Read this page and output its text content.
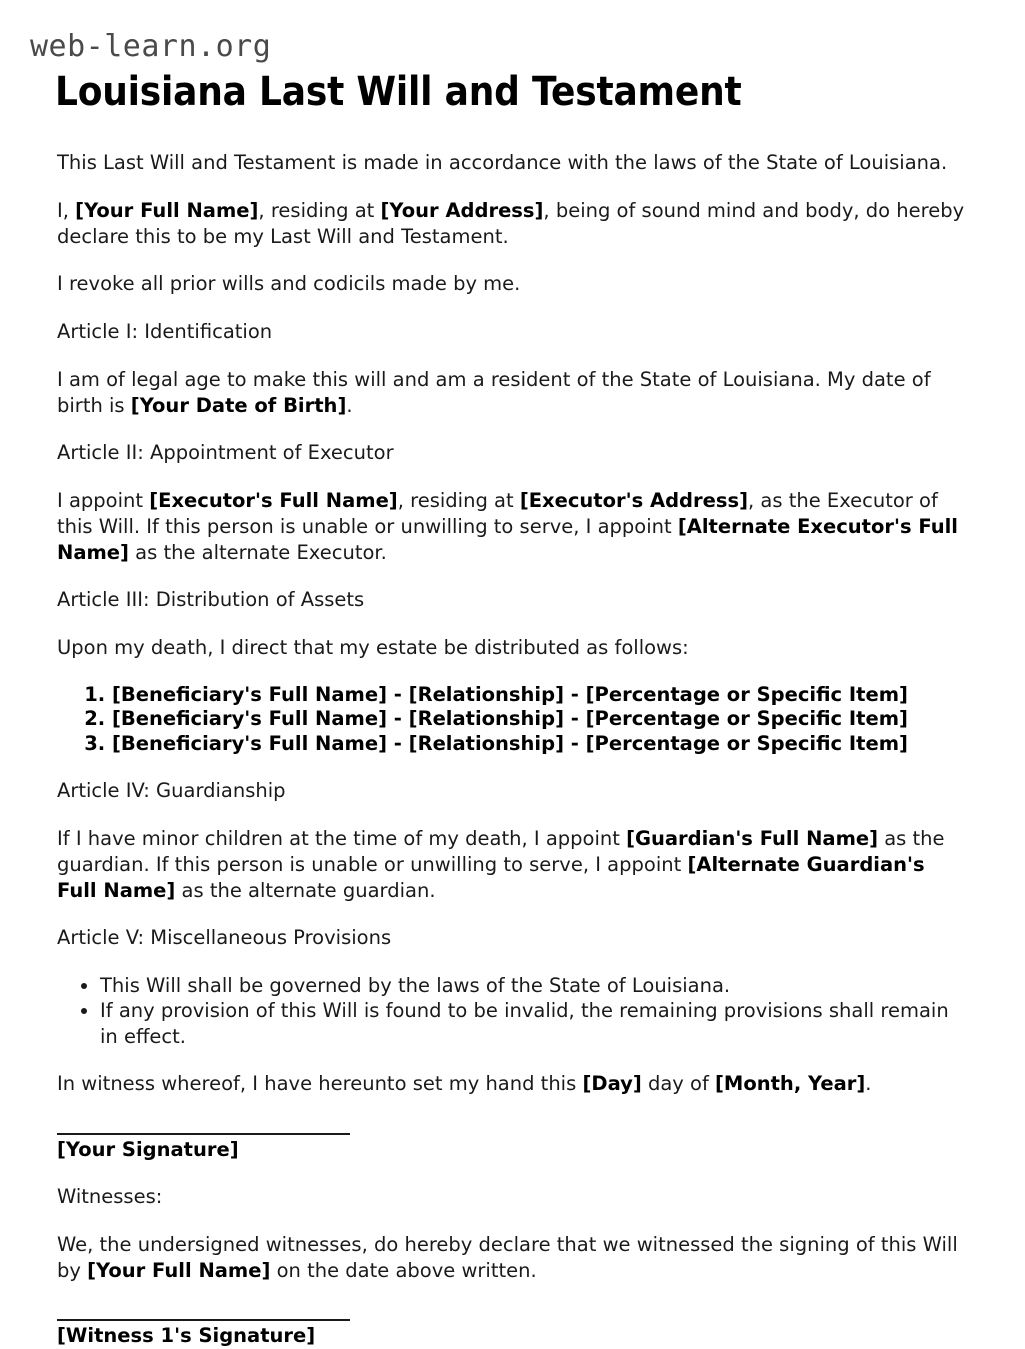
web-learn.org
Louisiana Last Will and Testament

This Last Will and Testament is made in accordance with the laws of the State of Louisiana.

I, [Your Full Name], residing at [Your Address], being of sound mind and body, do hereby declare this to be my Last Will and Testament.

I revoke all prior wills and codicils made by me.

Article I: Identification

I am of legal age to make this will and am a resident of the State of Louisiana. My date of birth is [Your Date of Birth].

Article II: Appointment of Executor

I appoint [Executor's Full Name], residing at [Executor's Address], as the Executor of this Will. If this person is unable or unwilling to serve, I appoint [Alternate Executor's Full Name] as the alternate Executor.

Article III: Distribution of Assets

Upon my death, I direct that my estate be distributed as follows:

1. [Beneficiary's Full Name] - [Relationship] - [Percentage or Specific Item]
2. [Beneficiary's Full Name] - [Relationship] - [Percentage or Specific Item]
3. [Beneficiary's Full Name] - [Relationship] - [Percentage or Specific Item]
Article IV: Guardianship

If I have minor children at the time of my death, I appoint [Guardian's Full Name] as the guardian. If this person is unable or unwilling to serve, I appoint [Alternate Guardian's Full Name] as the alternate guardian.

Article V: Miscellaneous Provisions
• This Will shall be governed by the laws of the State of Louisiana.
• If any provision of this Will is found to be invalid, the remaining provisions shall remain in effect.

In witness whereof, I have hereunto set my hand this [Day] day of [Month, Year].

[Your Signature]

Witnesses:

We, the undersigned witnesses, do hereby declare that we witnessed the signing of this Will by [Your Full Name] on the date above written.

[Witness 1's Signature]
